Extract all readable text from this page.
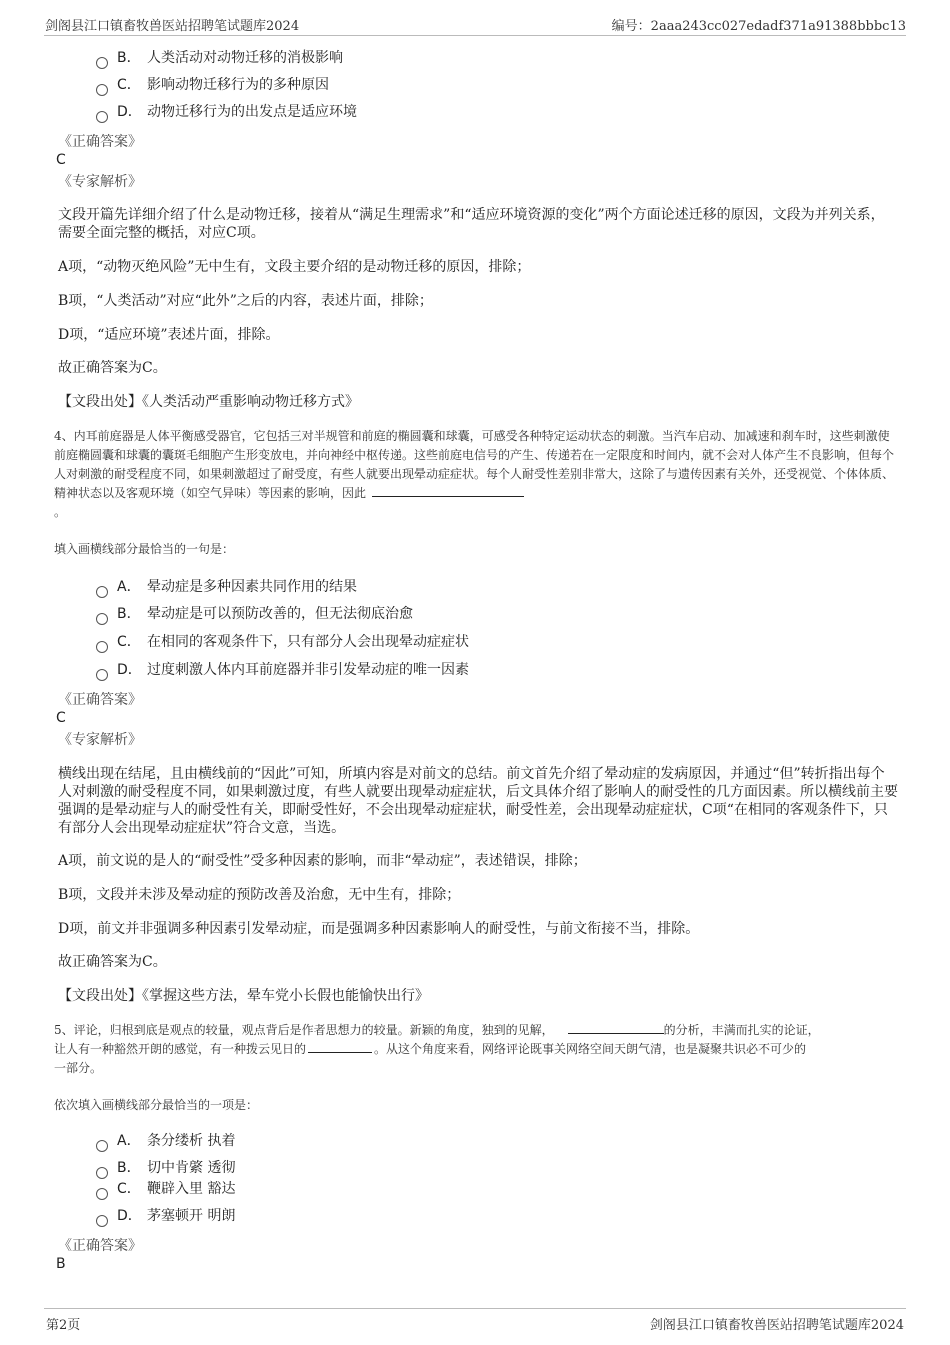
剑阁县江口镇畜牧兽医站招聘笔试题库2024	编号：2aaa243cc027edadf371a91388bbbc13
B． 人类活动对动物迁移的消极影响
C． 影响动物迁移行为的多种原因
D． 动物迁移行为的出发点是适应环境
《正确答案》
C
《专家解析》
文段开篇先详细介绍了什么是动物迁移，接着从“满足生理需求”和“适应环境资源的变化”两个方面论述迁移的原因，文段为并列关系，需要全面完整的概括，对应C项。
A项，“动物灭绝风险”无中生有，文段主要介绍的是动物迁移的原因，排除；
B项，“人类活动”对应“此外”之后的内容，表述片面，排除；
D项，“适应环境”表述片面，排除。
故正确答案为C。
【文段出处】《人类活动严重影响动物迁移方式》
4、内耳前庭器是人体平衡感受器官，它包括三对半规管和前庭的椭圆囊和球囊，可感受各种特定运动状态的刺激。当汽车启动、加减速和刹车时，这些刺激使前庭椭圆囊和球囊的囊斑毛细胞产生形变放电，并向神经中枢传递。这些前庭电信号的产生、传递若在一定限度和时间内，就不会对人体产生不良影响，但每个人对刺激的耐受程度不同，如果刺激超过了耐受度，有些人就要出现晕动症症状。每个人耐受性差别非常大，这除了与遗传因素有关外，还受视觉、个体体质、精神状态以及客观环境（如空气异味）等因素的影响，因此
。
填入画横线部分最恰当的一句是：
A． 晕动症是多种因素共同作用的结果
B． 晕动症是可以预防改善的，但无法彻底治愈
C． 在相同的客观条件下，只有部分人会出现晕动症症状
D． 过度刺激人体内耳前庭器并非引发晕动症的唯一因素
《正确答案》
C
《专家解析》
横线出现在结尾，且由横线前的“因此”可知，所填内容是对前文的总结。前文首先介绍了晕动症的发病原因，并通过“但”转折指出每个人对刺激的耐受程度不同，如果刺激过度，有些人就要出现晕动症症状，后文具体介绍了影响人的耐受性的几方面因素。所以横线前主要强调的是晕动症与人的耐受性有关，即耐受性好，不会出现晕动症症状，耐受性差，会出现晕动症症状，C项“在相同的客观条件下，只有部分人会出现晕动症症状”符合文意，当选。
A项，前文说的是人的“耐受性”受多种因素的影响，而非“晕动症”，表述错误，排除；
B项，文段并未涉及晕动症的预防改善及治愈，无中生有，排除；
D项，前文并非强调多种因素引发晕动症，而是强调多种因素影响人的耐受性，与前文衔接不当，排除。
故正确答案为C。
【文段出处】《掌握这些方法，晕车党小长假也能愉快出行》
5、评论，归根到底是观点的较量，观点背后是作者思想力的较量。新颖的角度，独到的见解，	的分析，丰满而扎实的论证，
让人有一种豁然开朗的感觉，有一种拨云见日的	。从这个角度来看，网络评论既事关网络空间天朗气清，也是凝聚共识必不可少的
一部分。
依次填入画横线部分最恰当的一项是：
A． 条分缕析 执着
B． 切中肯綮 透彻
C． 鞭辟入里 豁达
D． 茅塞顿开 明朗
《正确答案》
B
第2页	剑阁县江口镇畜牧兽医站招聘笔试题库2024
